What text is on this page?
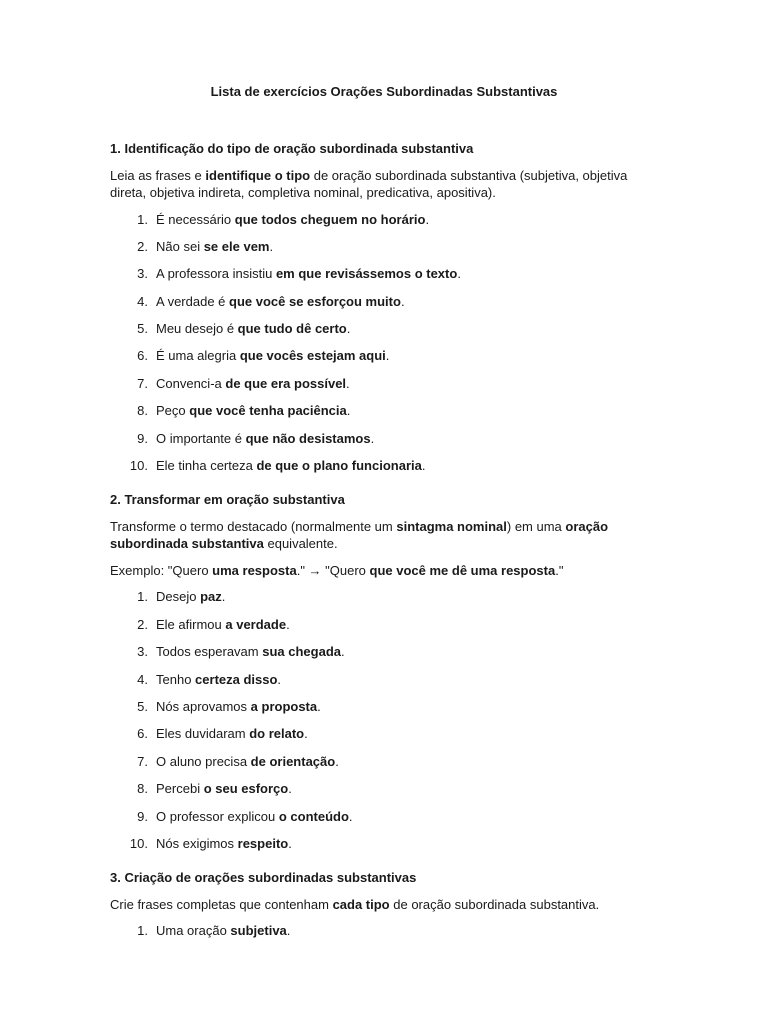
Lista de exercícios Orações Subordinadas Substantivas
1. Identificação do tipo de oração subordinada substantiva
Leia as frases e identifique o tipo de oração subordinada substantiva (subjetiva, objetiva direta, objetiva indireta, completiva nominal, predicativa, apositiva).
1. É necessário que todos cheguem no horário.
2. Não sei se ele vem.
3. A professora insistiu em que revisássemos o texto.
4. A verdade é que você se esforçou muito.
5. Meu desejo é que tudo dê certo.
6. É uma alegria que vocês estejam aqui.
7. Convenci-a de que era possível.
8. Peço que você tenha paciência.
9. O importante é que não desistamos.
10. Ele tinha certeza de que o plano funcionaria.
2. Transformar em oração substantiva
Transforme o termo destacado (normalmente um sintagma nominal) em uma oração subordinada substantiva equivalente.
Exemplo: "Quero uma resposta." → "Quero que você me dê uma resposta."
1. Desejo paz.
2. Ele afirmou a verdade.
3. Todos esperavam sua chegada.
4. Tenho certeza disso.
5. Nós aprovamos a proposta.
6. Eles duvidaram do relato.
7. O aluno precisa de orientação.
8. Percebi o seu esforço.
9. O professor explicou o conteúdo.
10. Nós exigimos respeito.
3. Criação de orações subordinadas substantivas
Crie frases completas que contenham cada tipo de oração subordinada substantiva.
1. Uma oração subjetiva.
